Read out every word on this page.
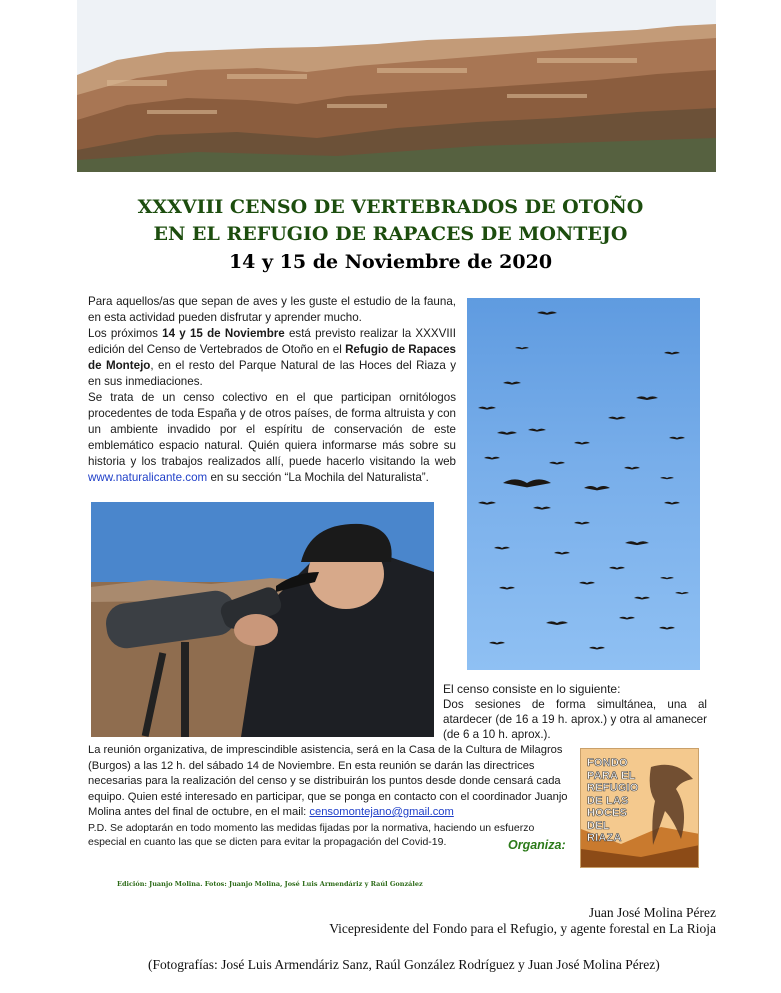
XXXVIII CENSO DE VERTEBRADOS DE OTOÑO
EN EL REFUGIO DE RAPACES DE MONTEJO
14 y 15 de Noviembre de 2020

Para aquellos/as que sepan de aves y les guste el estudio de la fauna, en esta actividad pueden disfrutar y aprender mucho.

Los próximos 14 y 15 de Noviembre está previsto realizar la XXXVIII edición del Censo de Vertebrados de Otoño en el Refugio de Rapaces de Montejo, en el resto del Parque Natural de las Hoces del Riaza y en sus inmediaciones.

Se trata de un censo colectivo en el que participan ornitólogos procedentes de toda España y de otros países, de forma altruista y con un ambiente invadido por el espíritu de conservación de este emblemático espacio natural. Quién quiera informarse más sobre su historia y los trabajos realizados allí, puede hacerlo visitando la web www.naturalicante.com en su sección “La Mochila del Naturalista”.

El censo consiste en lo siguiente:
Dos sesiones de forma simultánea, una al atardecer (de 16 a 19 h. aprox.) y otra al amanecer (de 6 a 10 h. aprox.).
La reunión organizativa, de imprescindible asistencia, será en la Casa de la Cultura de Milagros (Burgos) a las 12 h. del sábado 14 de Noviembre. En esta reunión se darán las directrices necesarias para la realización del censo y se distribuirán los puntos desde donde censará cada equipo. Quien esté interesado en participar, que se ponga en contacto con el coordinador Juanjo Molina antes del final de octubre, en el mail: censomontejano@gmail.com
P.D. Se adoptarán en todo momento las medidas fijadas por la normativa, haciendo un esfuerzo especial en cuanto las que se dicten para evitar la propagación del Covid-19.	Organiza:
FONDO
PARA EL
REFUGIO
DE LAS
HOCES
DEL
RIAZA
Edición: Juanjo Molina. Fotos: Juanjo Molina, José Luis Armendáriz y Raúl González
Juan José Molina Pérez
Vicepresidente del Fondo para el Refugio, y agente forestal en La Rioja
(Fotografías: José Luis Armendáriz Sanz, Raúl González Rodríguez y Juan José Molina Pérez)
